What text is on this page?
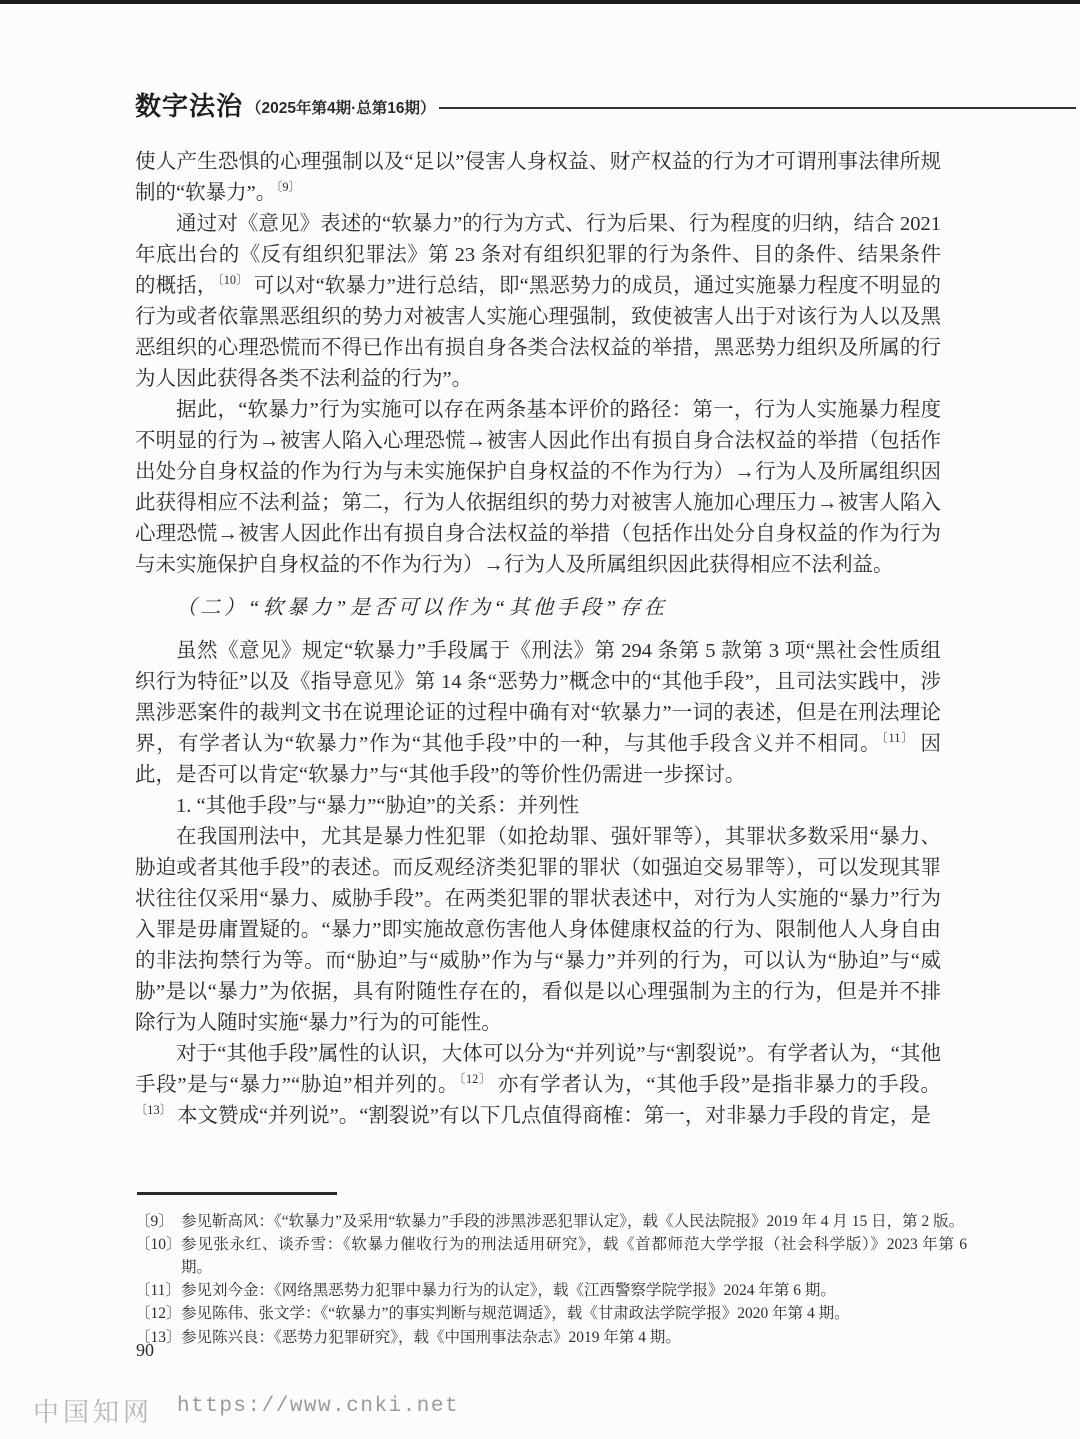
数字法治 （2025年第4期·总第16期）

使人产生恐惧的心理强制以及“足以”侵害人身权益、财产权益的行为才可谓刑事法律所规制的“软暴力”。$^{〔9〕}$

通过对《意见》表述的“软暴力”的行为方式、行为后果、行为程度的归纳，结合 2021 年底出台的《反有组织犯罪法》第 23 条对有组织犯罪的行为条件、目的条件、结果条件的概括，$^{〔10〕}$ 可以对“软暴力”进行总结，即“黑恶势力的成员，通过实施暴力程度不明显的行为或者依靠黑恶组织的势力对被害人实施心理强制，致使被害人出于对该行为人以及黑恶组织的心理恐慌而不得已作出有损自身各类合法权益的举措，黑恶势力组织及所属的行为人因此获得各类不法利益的行为”。

据此，“软暴力”行为实施可以存在两条基本评价的路径：第一，行为人实施暴力程度不明显的行为→被害人陷入心理恐慌→被害人因此作出有损自身合法权益的举措（包括作出处分自身权益的作为行为与未实施保护自身权益的不作为行为）→行为人及所属组织因此获得相应不法利益；第二，行为人依据组织的势力对被害人施加心理压力→被害人陷入心理恐慌→被害人因此作出有损自身合法权益的举措（包括作出处分自身权益的作为行为与未实施保护自身权益的不作为行为）→行为人及所属组织因此获得相应不法利益。

（二）“软暴力”是否可以作为“其他手段”存在

虽然《意见》规定“软暴力”手段属于《刑法》第 294 条第 5 款第 3 项“黑社会性质组织行为特征”以及《指导意见》第 14 条“恶势力”概念中的“其他手段”，且司法实践中，涉黑涉恶案件的裁判文书在说理论证的过程中确有对“软暴力”一词的表述，但是在刑法理论界，有学者认为“软暴力”作为“其他手段”中的一种，与其他手段含义并不相同。$^{〔11〕}$ 因此，是否可以肯定“软暴力”与“其他手段”的等价性仍需进一步探讨。

1. “其他手段”与“暴力”“胁迫”的关系：并列性

在我国刑法中，尤其是暴力性犯罪（如抢劫罪、强奸罪等），其罪状多数采用“暴力、胁迫或者其他手段”的表述。而反观经济类犯罪的罪状（如强迫交易罪等），可以发现其罪状往往仅采用“暴力、威胁手段”。在两类犯罪的罪状表述中，对行为人实施的“暴力”行为入罪是毋庸置疑的。“暴力”即实施故意伤害他人身体健康权益的行为、限制他人人身自由的非法拘禁行为等。而“胁迫”与“威胁”作为与“暴力”并列的行为，可以认为“胁迫”与“威胁”是以“暴力”为依据，具有附随性存在的，看似是以心理强制为主的行为，但是并不排除行为人随时实施“暴力”行为的可能性。

对于“其他手段”属性的认识，大体可以分为“并列说”与“割裂说”。有学者认为，“其他手段”是与“暴力”“胁迫”相并列的。$^{〔12〕}$ 亦有学者认为，“其他手段”是指非暴力的手段。$^{〔13〕}$ 本文赞成“并列说”。“割裂说”有以下几点值得商榷：第一，对非暴力手段的肯定，是

〔9〕 参见靳高风：《“软暴力”及采用“软暴力”手段的涉黑涉恶犯罪认定》，载《人民法院报》2019 年 4 月 15 日，第 2 版。
〔10〕 参见张永红、谈乔雪：《软暴力催收行为的刑法适用研究》，载《首都师范大学学报（社会科学版）》2023 年第 6 期。
〔11〕 参见刘今金：《网络黑恶势力犯罪中暴力行为的认定》，载《江西警察学院学报》2024 年第 6 期。
〔12〕 参见陈伟、张文学：《“软暴力”的事实判断与规范调适》，载《甘肃政法学院学报》2020 年第 4 期。
〔13〕 参见陈兴良：《恶势力犯罪研究》，载《中国刑事法杂志》2019 年第 4 期。
90
中国知网 https://www.cnki.net
